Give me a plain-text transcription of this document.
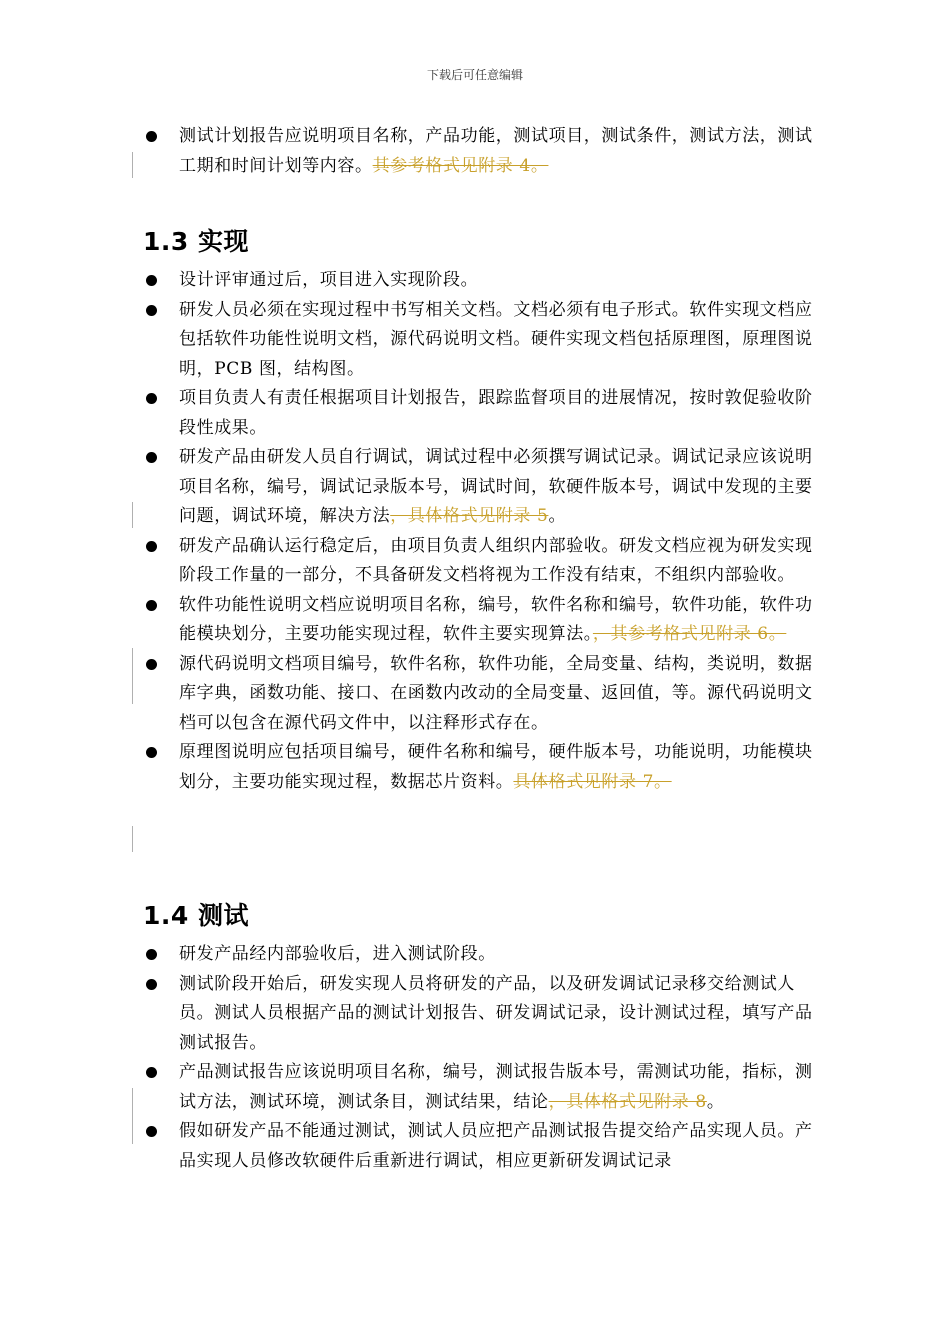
下载后可任意编辑
测试计划报告应说明项目名称，产品功能，测试项目，测试条件，测试方法，测试工期和时间计划等内容。其参考格式见附录 4。
1.3 实现
设计评审通过后，项目进入实现阶段。
研发人员必须在实现过程中书写相关文档。文档必须有电子形式。软件实现文档应包括软件功能性说明文档，源代码说明文档。硬件实现文档包括原理图，原理图说明，PCB 图，结构图。
项目负责人有责任根据项目计划报告，跟踪监督项目的进展情况，按时敦促验收阶段性成果。
研发产品由研发人员自行调试，调试过程中必须撰写调试记录。调试记录应该说明项目名称，编号，调试记录版本号，调试时间，软硬件版本号，调试中发现的主要问题，调试环境，解决方法，具体格式见附录 5。
研发产品确认运行稳定后，由项目负责人组织内部验收。研发文档应视为研发实现阶段工作量的一部分，不具备研发文档将视为工作没有结束，不组织内部验收。
软件功能性说明文档应说明项目名称，编号，软件名称和编号，软件功能，软件功能模块划分，主要功能实现过程，软件主要实现算法。，其参考格式见附录 6。
源代码说明文档项目编号，软件名称，软件功能，全局变量、结构，类说明，数据库字典，函数功能、接口、在函数内改动的全局变量、返回值，等。源代码说明文档可以包含在源代码文件中，以注释形式存在。
原理图说明应包括项目编号，硬件名称和编号，硬件版本号，功能说明，功能模块划分，主要功能实现过程，数据芯片资料。具体格式见附录 7。
1.4 测试
研发产品经内部验收后，进入测试阶段。
测试阶段开始后，研发实现人员将研发的产品，以及研发调试记录移交给测试人员。测试人员根据产品的测试计划报告、研发调试记录，设计测试过程，填写产品测试报告。
产品测试报告应该说明项目名称，编号，测试报告版本号，需测试功能，指标，测试方法，测试环境，测试条目，测试结果，结论，具体格式见附录 8。
假如研发产品不能通过测试，测试人员应把产品测试报告提交给产品实现人员。产品实现人员修改软硬件后重新进行调试，相应更新研发调试记录
